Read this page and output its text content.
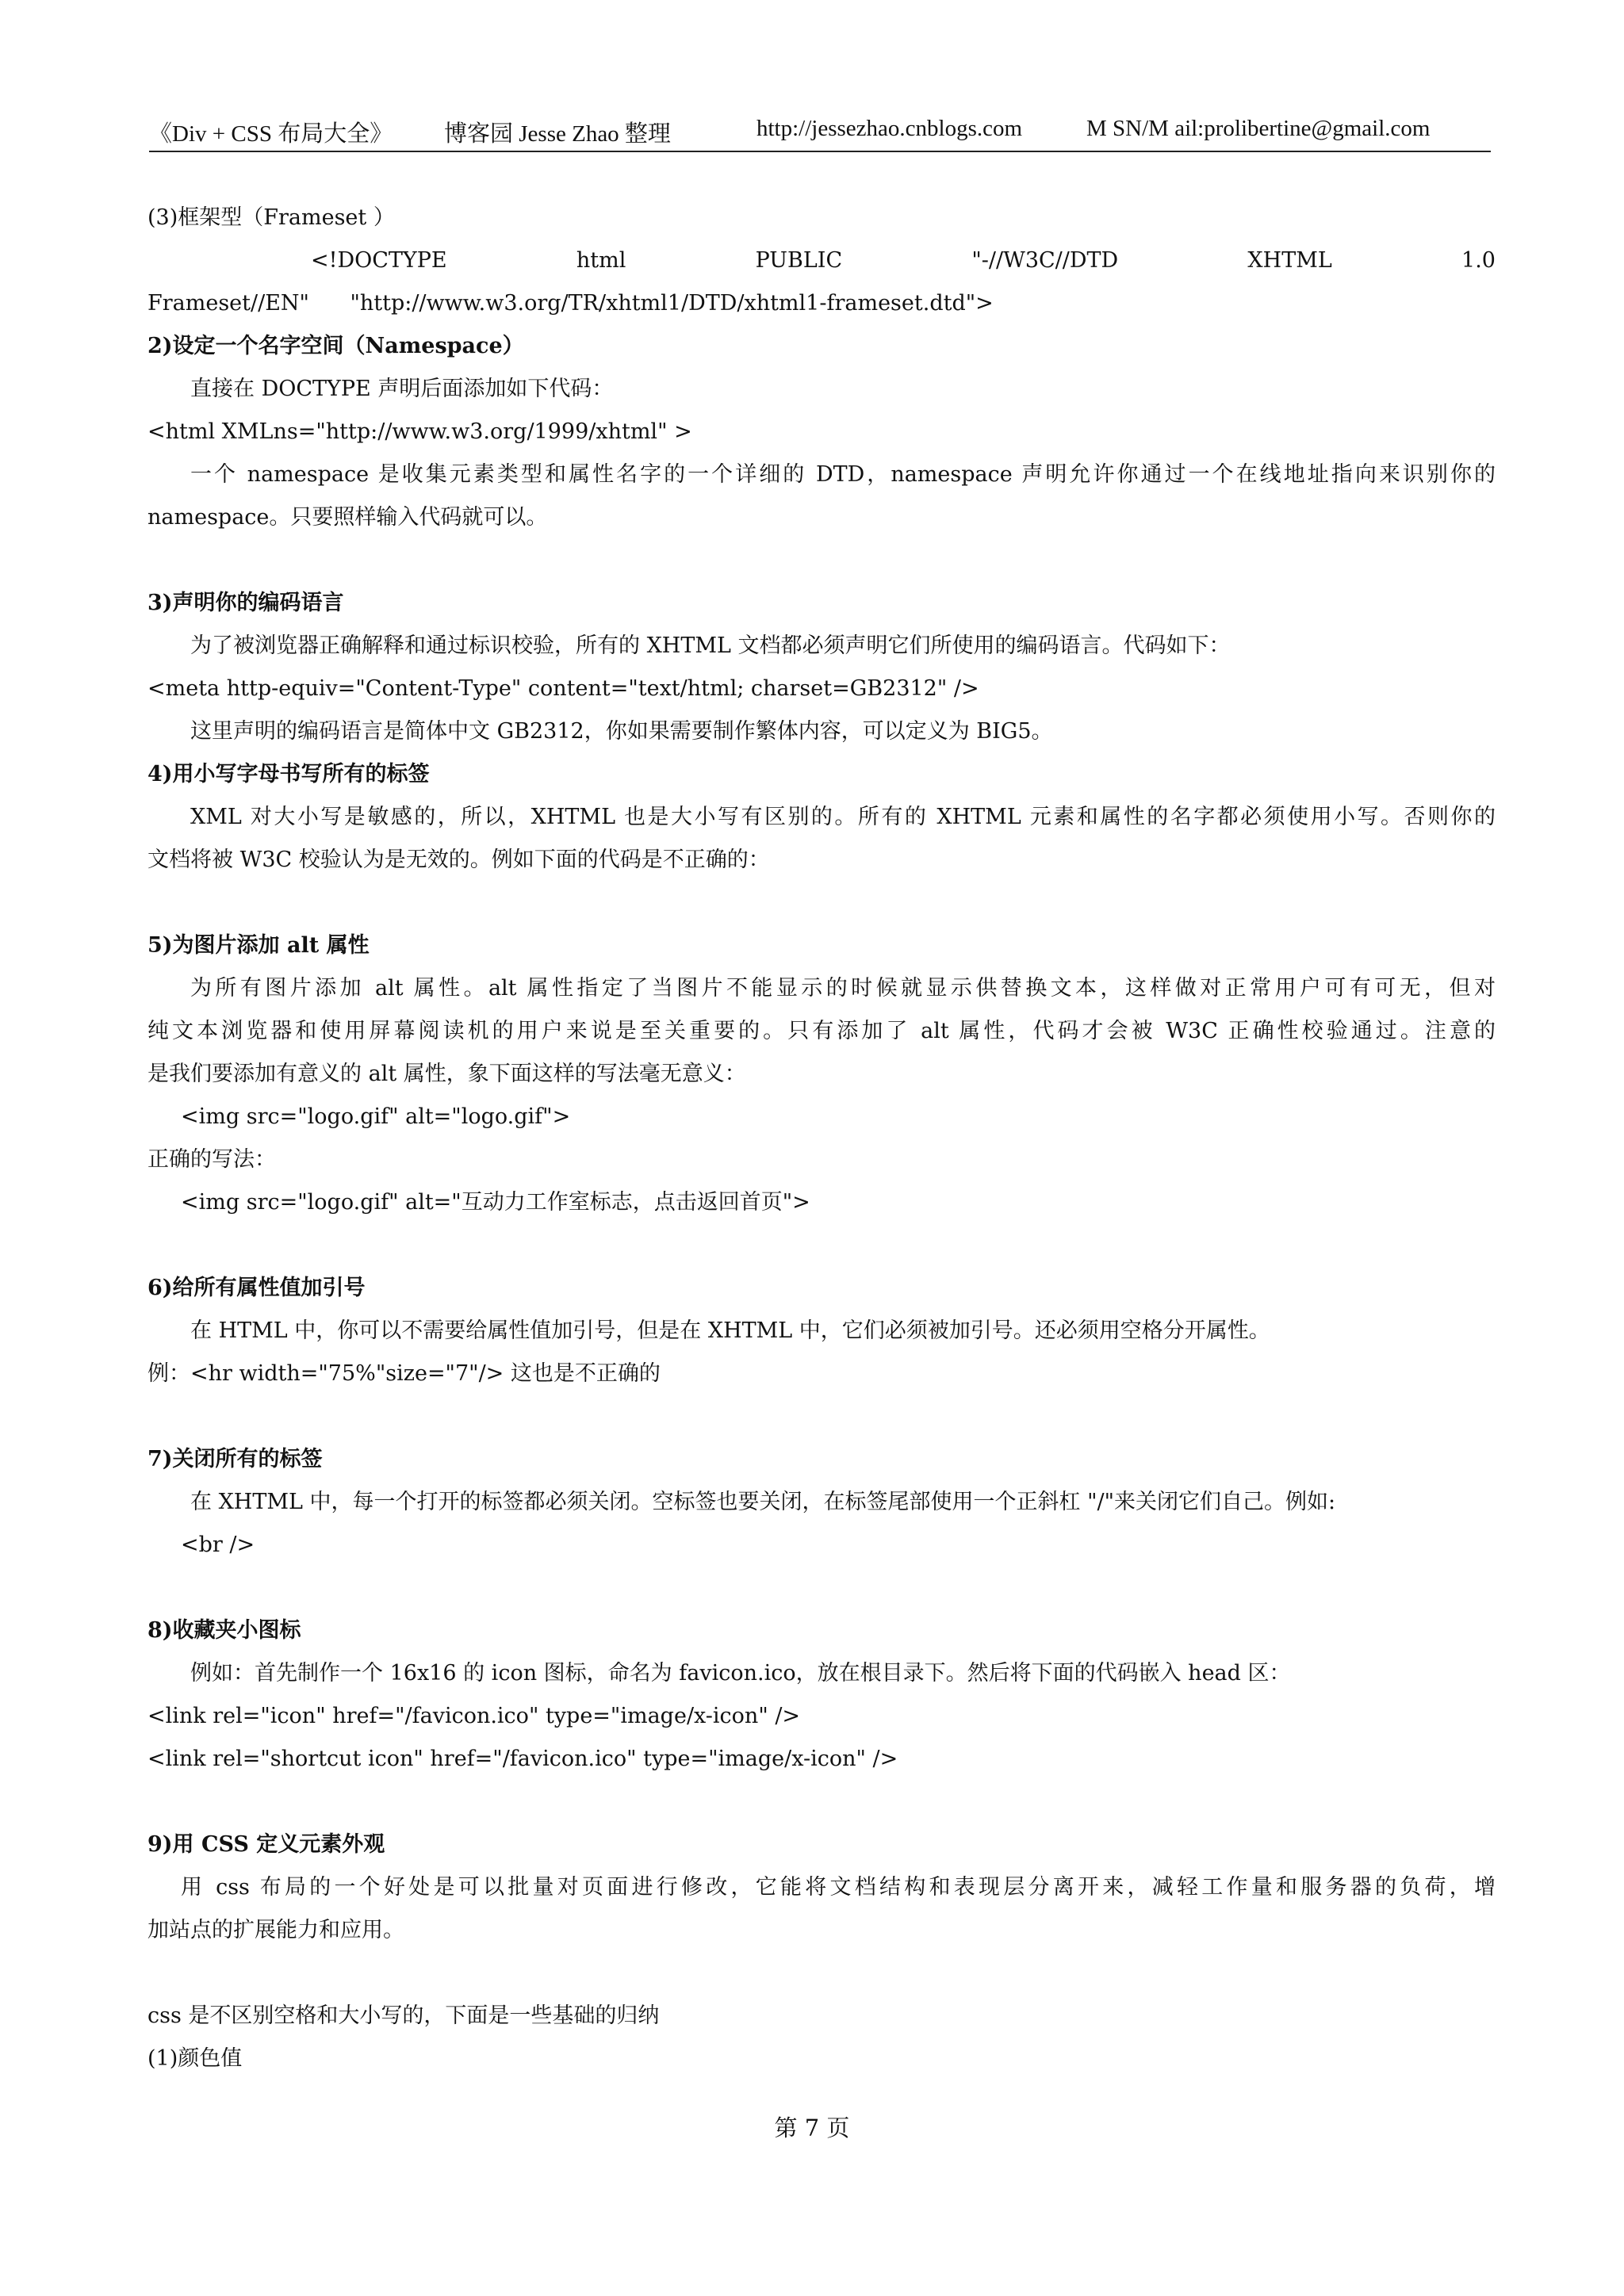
《Div + CSS 布局大全》 博客园 Jesse Zhao 整理	http://jessezhao.cnblogs.com	M SN/M ail:prolibertine@gmail.com
(3)框架型（Frameset ）
<!DOCTYPE	html	PUBLIC	"-//W3C//DTD	XHTML	1.0
Frameset//EN"      "http://www.w3.org/TR/xhtml1/DTD/xhtml1-frameset.dtd">
2)设定一个名字空间（Namespace）
直接在 DOCTYPE 声明后面添加如下代码：
<html XMLns="http://www.w3.org/1999/xhtml" >
一个 namespace 是收集元素类型和属性名字的一个详细的 DTD，namespace 声明允许你通过一个在线地址指向来识别你的
namespace。只要照样输入代码就可以。
3)声明你的编码语言
为了被浏览器正确解释和通过标识校验，所有的 XHTML 文档都必须声明它们所使用的编码语言。代码如下：
<meta http-equiv="Content-Type" content="text/html; charset=GB2312" />
这里声明的编码语言是简体中文 GB2312，你如果需要制作繁体内容，可以定义为 BIG5。
4)用小写字母书写所有的标签
XML 对大小写是敏感的，所以，XHTML 也是大小写有区别的。所有的 XHTML 元素和属性的名字都必须使用小写。否则你的
文档将被 W3C 校验认为是无效的。例如下面的代码是不正确的：
5)为图片添加 alt 属性
为所有图片添加 alt 属性。alt 属性指定了当图片不能显示的时候就显示供替换文本，这样做对正常用户可有可无，但对
纯文本浏览器和使用屏幕阅读机的用户来说是至关重要的。只有添加了 alt 属性，代码才会被 W3C 正确性校验通过。注意的
是我们要添加有意义的 alt 属性，象下面这样的写法毫无意义：
<img src="logo.gif" alt="logo.gif">
正确的写法：
<img src="logo.gif" alt="互动力工作室标志，点击返回首页">
6)给所有属性值加引号
在 HTML 中，你可以不需要给属性值加引号，但是在 XHTML 中，它们必须被加引号。还必须用空格分开属性。
例：<hr width="75%"size="7"/> 这也是不正确的
7)关闭所有的标签
在 XHTML 中，每一个打开的标签都必须关闭。空标签也要关闭，在标签尾部使用一个正斜杠 "/"来关闭它们自己。例如:
<br />
8)收藏夹小图标
例如：首先制作一个 16x16 的 icon 图标，命名为 favicon.ico，放在根目录下。然后将下面的代码嵌入 head 区：
<link rel="icon" href="/favicon.ico" type="image/x-icon" />
<link rel="shortcut icon" href="/favicon.ico" type="image/x-icon" />
9)用 CSS 定义元素外观
用 css 布局的一个好处是可以批量对页面进行修改，它能将文档结构和表现层分离开来，减轻工作量和服务器的负荷，增
加站点的扩展能力和应用。
css 是不区别空格和大小写的，下面是一些基础的归纳
(1)颜色值
第 7 页
